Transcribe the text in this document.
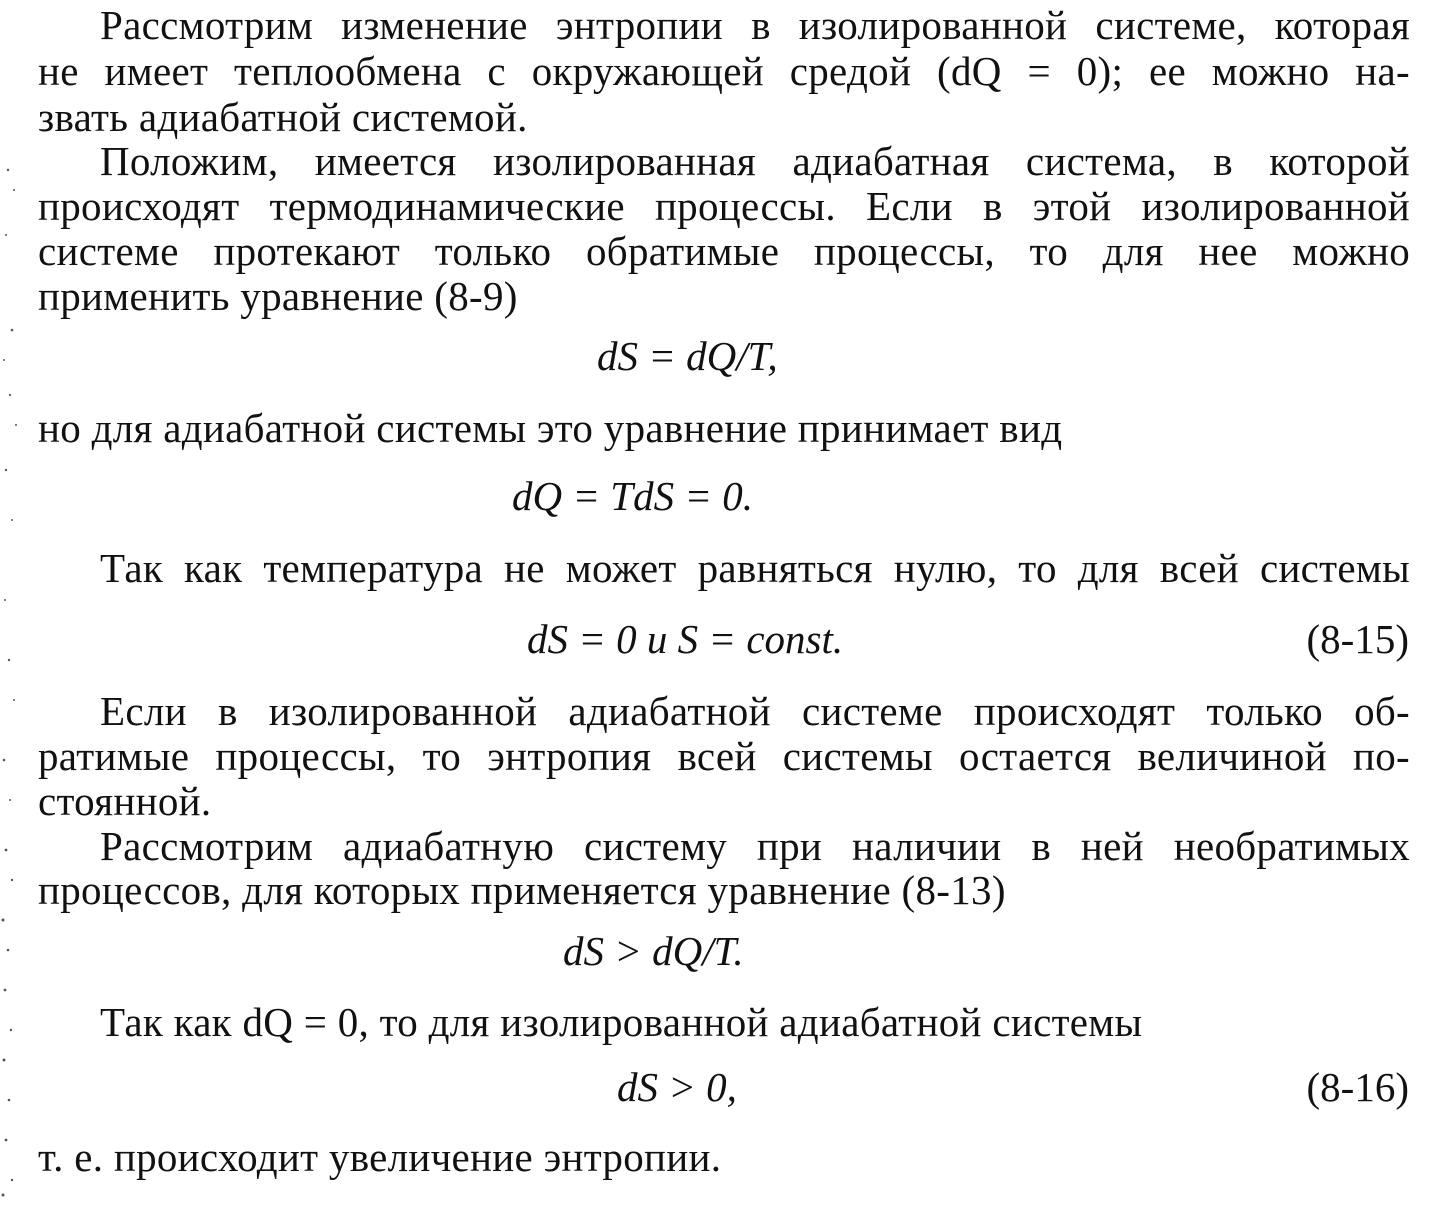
Рассмотрим изменение энтропии в изолированной системе, которая
не имеет теплообмена с окружающей средой (dQ = 0); ее можно на-
звать адиабатной системой.
Положим, имеется изолированная адиабатная система, в которой
происходят термодинамические процессы. Если в этой изолированной
системе протекают только обратимые процессы, то для нее можно
применить уравнение (8-9)
dS = dQ/T,
но для адиабатной системы это уравнение принимает вид
dQ = TdS = 0.
Так как температура не может равняться нулю, то для всей системы
dS = 0 и S = const.	(8-15)
Если в изолированной адиабатной системе происходят только об-
ратимые процессы, то энтропия всей системы остается величиной по-
стоянной.
Рассмотрим адиабатную систему при наличии в ней необратимых
процессов, для которых применяется уравнение (8-13)
dS > dQ/T.
Так как dQ = 0, то для изолированной адиабатной системы
dS > 0,	(8-16)
т. е. происходит увеличение энтропии.
